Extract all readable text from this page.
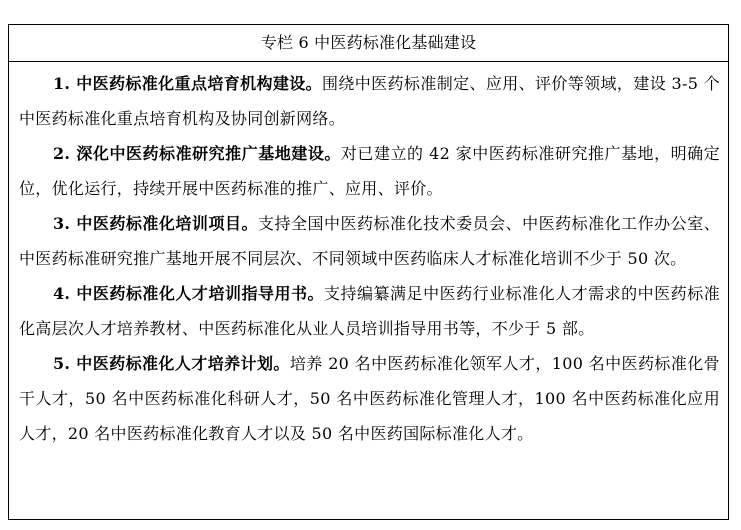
专栏 6 中医药标准化基础建设

1. 中医药标准化重点培育机构建设。围绕中医药标准制定、应用、评价等领域，建设 3-5 个中医药标准化重点培育机构及协同创新网络。

2. 深化中医药标准研究推广基地建设。对已建立的 42 家中医药标准研究推广基地，明确定位，优化运行，持续开展中医药标准的推广、应用、评价。

3. 中医药标准化培训项目。支持全国中医药标准化技术委员会、中医药标准化工作办公室、中医药标准研究推广基地开展不同层次、不同领域中医药临床人才标准化培训不少于 50 次。

4. 中医药标准化人才培训指导用书。支持编纂满足中医药行业标准化人才需求的中医药标准化高层次人才培养教材、中医药标准化从业人员培训指导用书等，不少于 5 部。

5. 中医药标准化人才培养计划。培养 20 名中医药标准化领军人才，100 名中医药标准化骨干人才，50 名中医药标准化科研人才，50 名中医药标准化管理人才，100 名中医药标准化应用人才，20 名中医药标准化教育人才以及 50 名中医药国际标准化人才。
